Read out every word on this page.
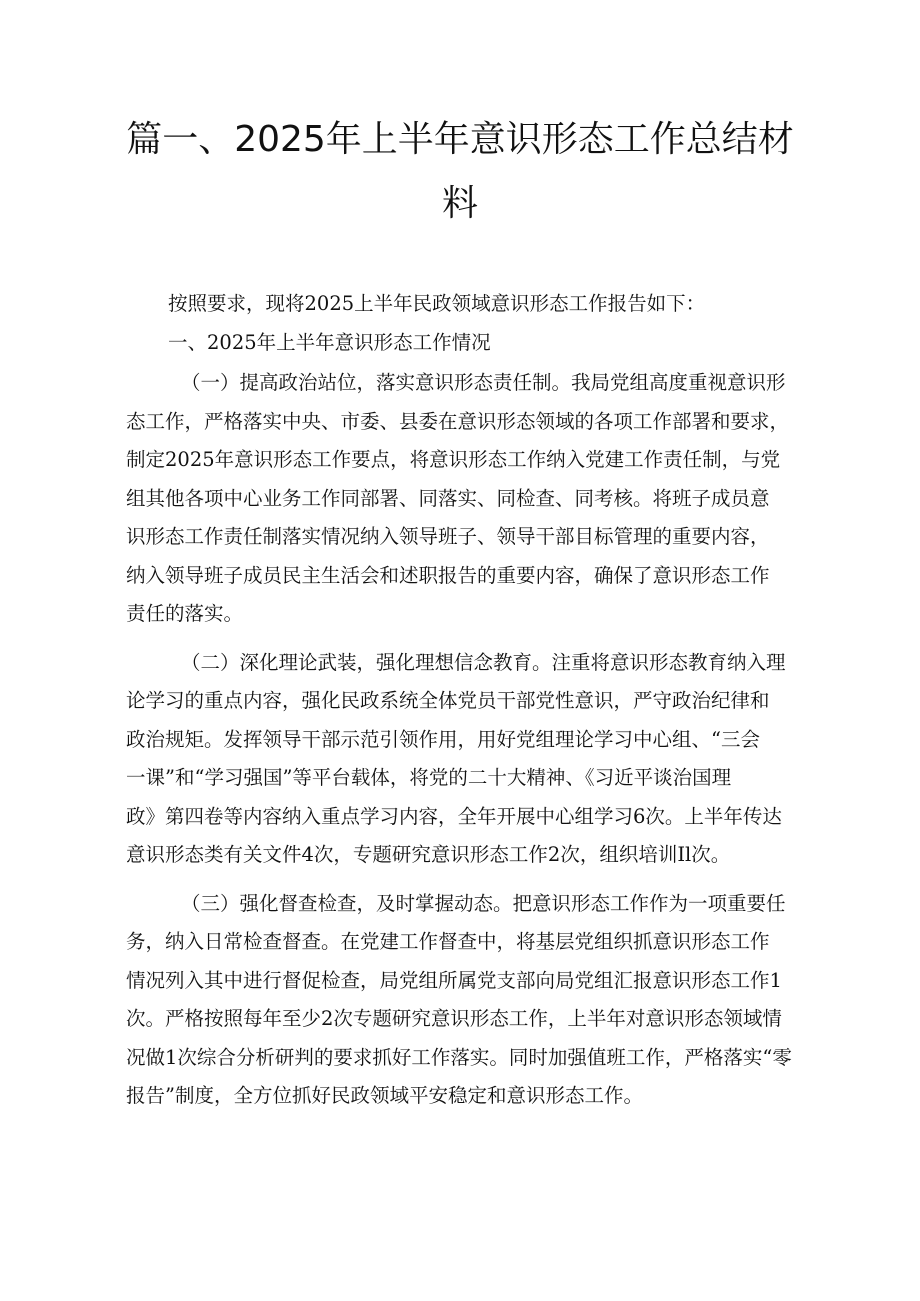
篇一、2025年上半年意识形态工作总结材
料
按照要求，现将2025上半年民政领域意识形态工作报告如下：
一、2025年上半年意识形态工作情况
（一）提高政治站位，落实意识形态责任制。我局党组高度重视意识形
态工作，严格落实中央、市委、县委在意识形态领域的各项工作部署和要求，
制定2025年意识形态工作要点，将意识形态工作纳入党建工作责任制，与党
组其他各项中心业务工作同部署、同落实、同检查、同考核。将班子成员意
识形态工作责任制落实情况纳入领导班子、领导干部目标管理的重要内容，
纳入领导班子成员民主生活会和述职报告的重要内容，确保了意识形态工作
责任的落实。
（二）深化理论武装，强化理想信念教育。注重将意识形态教育纳入理
论学习的重点内容，强化民政系统全体党员干部党性意识，严守政治纪律和
政治规矩。发挥领导干部示范引领作用，用好党组理论学习中心组、“三会
一课”和“学习强国”等平台载体，将党的二十大精神、《习近平谈治国理
政》第四卷等内容纳入重点学习内容，全年开展中心组学习6次。上半年传达
意识形态类有关文件4次，专题研究意识形态工作2次，组织培训Il次。
（三）强化督查检查，及时掌握动态。把意识形态工作作为一项重要任
务，纳入日常检查督查。在党建工作督查中，将基层党组织抓意识形态工作
情况列入其中进行督促检查，局党组所属党支部向局党组汇报意识形态工作1
次。严格按照每年至少2次专题研究意识形态工作，上半年对意识形态领域情
况做1次综合分析研判的要求抓好工作落实。同时加强值班工作，严格落实“零
报告”制度，全方位抓好民政领域平安稳定和意识形态工作。
